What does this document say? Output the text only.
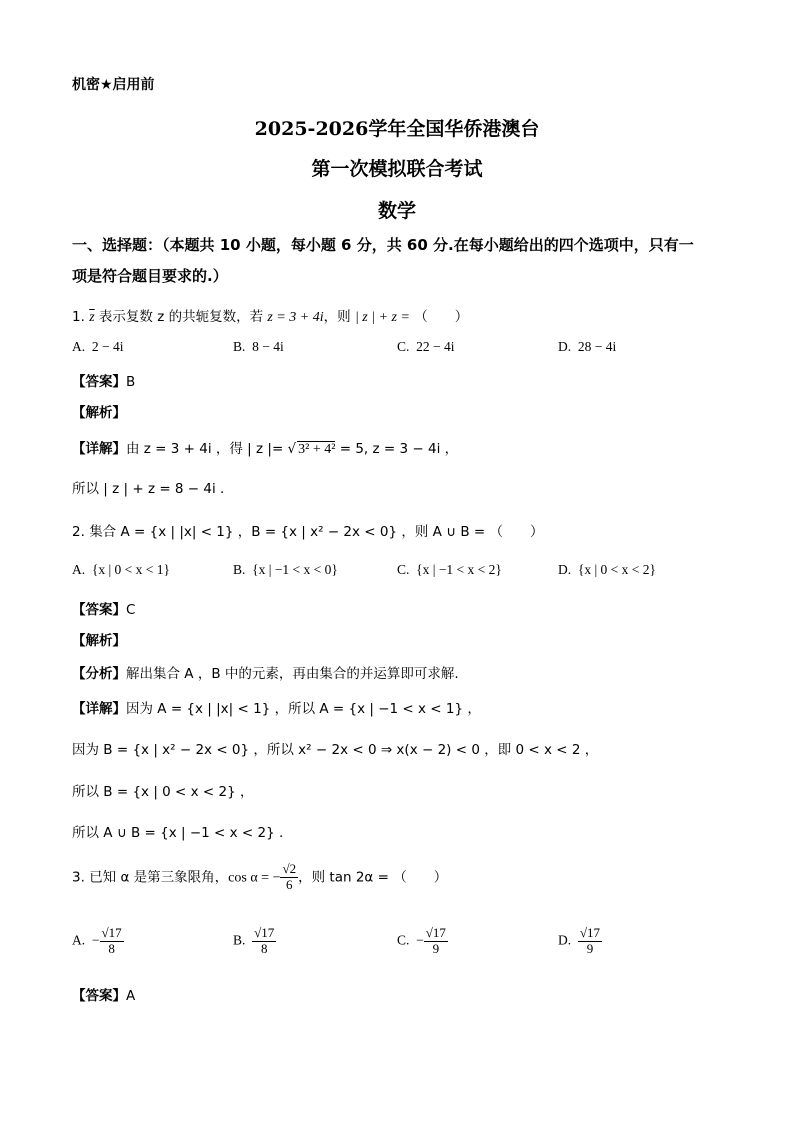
机密★启用前
2025-2026学年全国华侨港澳台
第一次模拟联合考试
数学
一、选择题：（本题共 10 小题，每小题 6 分，共 60 分.在每小题给出的四个选项中，只有一
项是符合题目要求的.）
1. $\overline{z}$ 表示复数 z 的共轭复数，若 z = 3 + 4i，则 | z | + z = （　　）
A. 2 − 4i	B. 8 − 4i	C. 22 − 4i	D. 28 − 4i
【答案】B
【解析】
【详解】由 z = 3 + 4i ，得 | z |= √ 3² + 4² = 5, z = 3 − 4i ，
所以 | z | + z = 8 − 4i .
2. 集合 A = {x | |x| < 1} ，B = {x | x² − 2x < 0} ，则 A ∪ B = （　　）
A. {x | 0 < x < 1}	B. {x | −1 < x < 0}	C. {x | −1 < x < 2}	D. {x | 0 < x < 2}
【答案】C
【解析】
【分析】解出集合 A ，B 中的元素，再由集合的并运算即可求解.
【详解】因为 A = {x | |x| < 1} ，所以 A = {x | −1 < x < 1} ，
因为 B = {x | x² − 2x < 0} ，所以 x² − 2x < 0 ⇒ x(x − 2) < 0 ，即 0 < x < 2 ，
所以 B = {x | 0 < x < 2} ，
所以 A ∪ B = {x | −1 < x < 2} .
3. 已知 α 是第三象限角，cos α = − $\frac{√2}{6}$ ，则 tan 2α = （　　）
A. − $\frac{√17}{8}$	B. $\frac{√17}{8}$	C. − $\frac{√17}{9}$	D. $\frac{√17}{9}$
【答案】A
